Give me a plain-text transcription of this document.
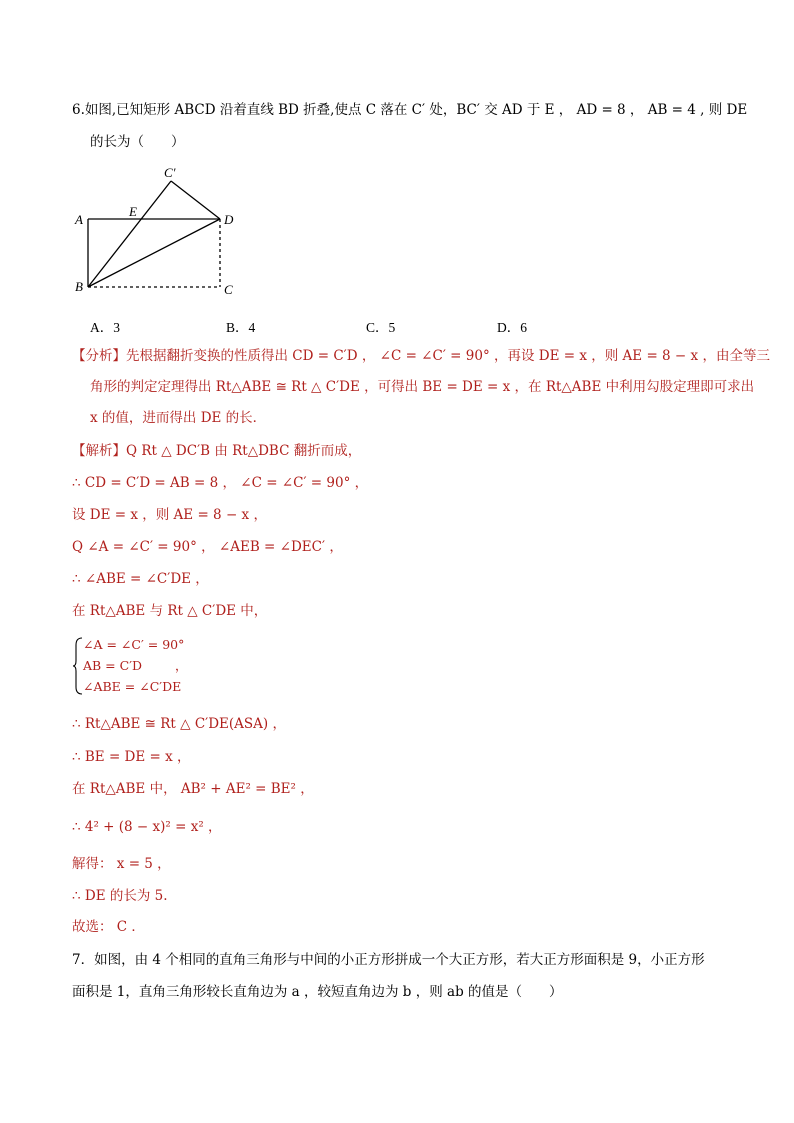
6.如图,已知矩形 ABCD 沿着直线 BD 折叠,使点 C 落在 C′ 处，BC′ 交 AD 于 E ， AD = 8 ， AB = 4 , 则 DE
的长为（　　）
C′
A
E
D
B	C
A．3	B．4	C．5	D．6
【分析】先根据翻折变换的性质得出 CD = C′D ， ∠C = ∠C′ = 90° ，再设 DE = x ，则 AE = 8 − x ，由全等三
角形的判定定理得出 Rt△ABE ≅ Rt △ C′DE ，可得出 BE = DE = x ，在 Rt△ABE 中利用勾股定理即可求出
x 的值，进而得出 DE 的长．
【解析】Q Rt △ DC′B 由 Rt△DBC 翻折而成，
∴ CD = C′D = AB = 8 ， ∠C = ∠C′ = 90° ，
设 DE = x ，则 AE = 8 − x ，
Q ∠A = ∠C′ = 90° ， ∠AEB = ∠DEC′ ，
∴ ∠ABE = ∠C′DE ，
在 Rt△ABE 与 Rt △ C′DE 中，
∠A = ∠C′ = 90°
AB = C′D	，
∠ABE = ∠C′DE
∴ Rt△ABE ≅ Rt △ C′DE(ASA) ，
∴ BE = DE = x ，
在 Rt△ABE 中， AB² + AE² = BE² ，
∴ 4² + (8 − x)² = x² ，
解得： x = 5 ，
∴ DE 的长为 5.
故选： C ．
7．如图，由 4 个相同的直角三角形与中间的小正方形拼成一个大正方形，若大正方形面积是 9，小正方形
面积是 1，直角三角形较长直角边为 a ，较短直角边为 b ，则 ab 的值是（　　）
